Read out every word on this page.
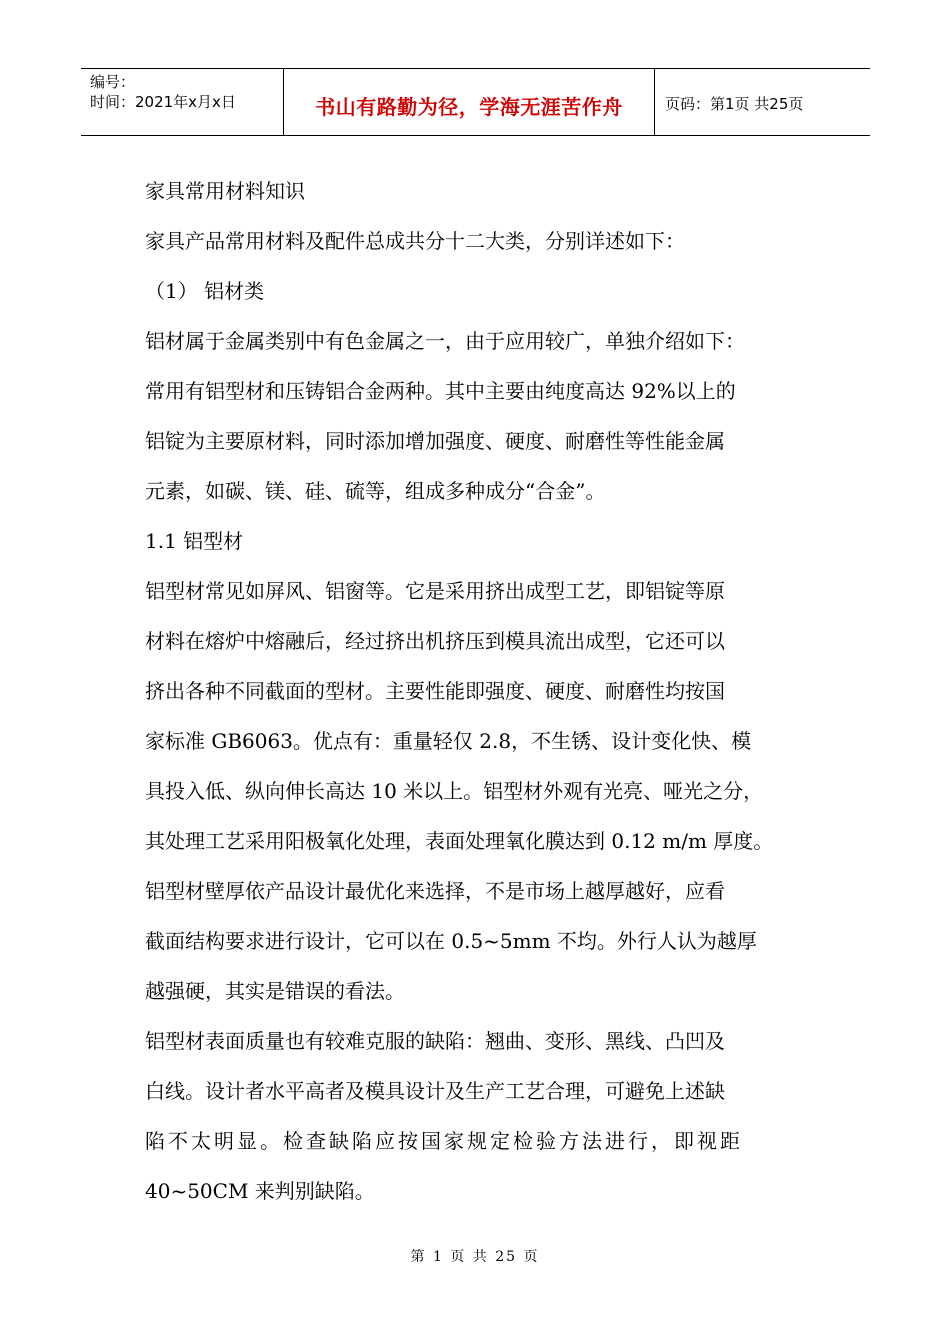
编号：
时间：2021年x月x日	书山有路勤为径，学海无涯苦作舟	页码：第1页 共25页

家具常用材料知识

家具产品常用材料及配件总成共分十二大类，分别详述如下：

（1） 铝材类

铝材属于金属类别中有色金属之一，由于应用较广，单独介绍如下：

常用有铝型材和压铸铝合金两种。其中主要由纯度高达 92%以上的

铝锭为主要原材料，同时添加增加强度、硬度、耐磨性等性能金属

元素，如碳、镁、硅、硫等，组成多种成分“合金”。

1.1 铝型材

铝型材常见如屏风、铝窗等。它是采用挤出成型工艺，即铝锭等原

材料在熔炉中熔融后，经过挤出机挤压到模具流出成型，它还可以

挤出各种不同截面的型材。主要性能即强度、硬度、耐磨性均按国

家标准 GB6063。优点有：重量轻仅 2.8，不生锈、设计变化快、模

具投入低、纵向伸长高达 10 米以上。铝型材外观有光亮、哑光之分，

其处理工艺采用阳极氧化处理，表面处理氧化膜达到 0.12 m/m 厚度。

铝型材壁厚依产品设计最优化来选择，不是市场上越厚越好，应看

截面结构要求进行设计，它可以在 0.5~5mm 不均。外行人认为越厚

越强硬，其实是错误的看法。

铝型材表面质量也有较难克服的缺陷：翘曲、变形、黑线、凸凹及

白线。设计者水平高者及模具设计及生产工艺合理，可避免上述缺

陷不太明显。检查缺陷应按国家规定检验方法进行，即视距

40~50CM 来判别缺陷。

第 1 页 共 25 页
